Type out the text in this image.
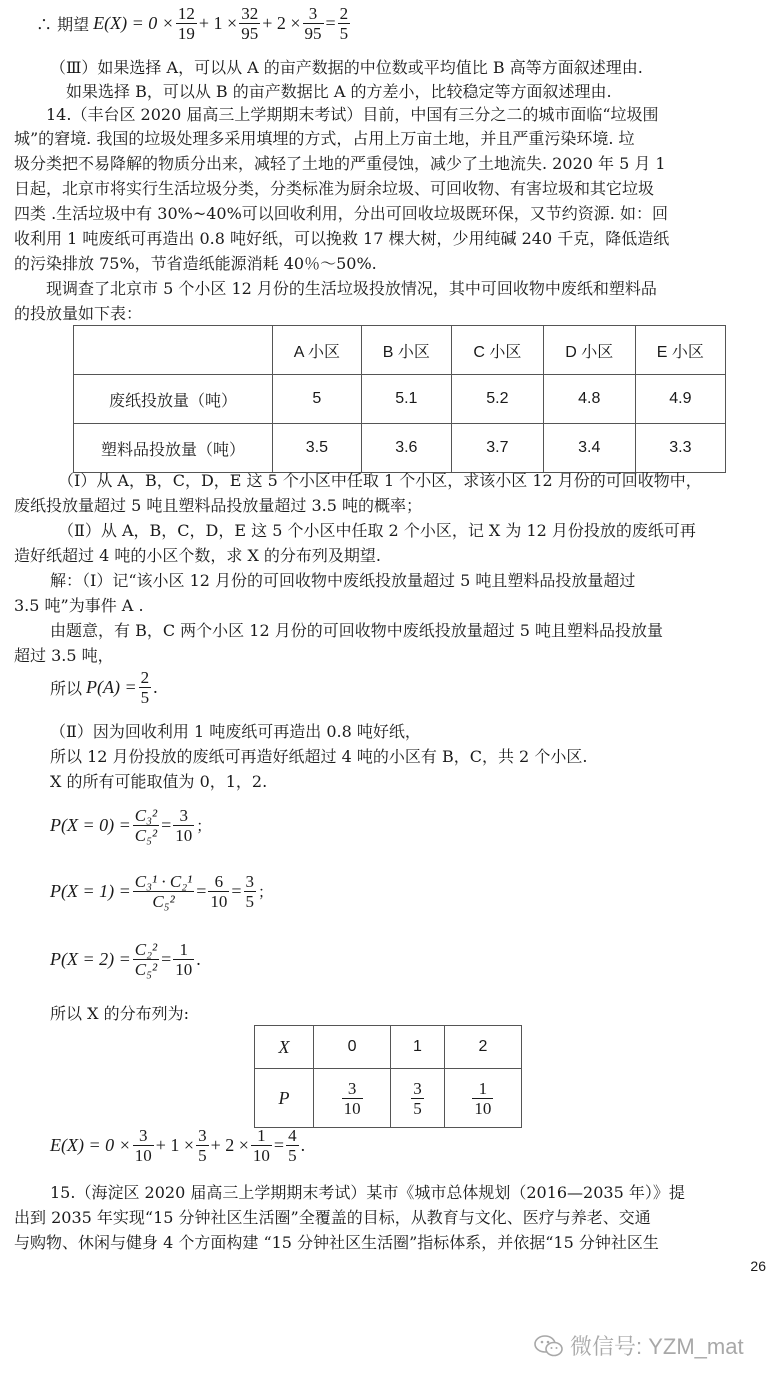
∴ 期望 $E(X) = 0 \times \frac{12}{19} + 1 \times \frac{32}{95} + 2 \times \frac{3}{95} = \frac{2}{5}$
（Ⅲ）如果选择 A，可以从 A 的亩产数据的中位数或平均值比 B 高等方面叙述理由.
如果选择 B，可以从 B 的亩产数据比 A 的方差小，比较稳定等方面叙述理由.
14.（丰台区 2020 届高三上学期期末考试）目前，中国有三分之二的城市面临“垃圾围
城”的窘境. 我国的垃圾处理多采用填埋的方式，占用上万亩土地，并且严重污染环境. 垃
圾分类把不易降解的物质分出来，减轻了土地的严重侵蚀，减少了土地流失. 2020 年 5 月 1
日起，北京市将实行生活垃圾分类，分类标准为厨余垃圾、可回收物、有害垃圾和其它垃圾
四类 .生活垃圾中有 30%~40%可以回收利用，分出可回收垃圾既环保，又节约资源. 如：回
收利用 1 吨废纸可再造出 0.8 吨好纸，可以挽救 17 棵大树，少用纯碱 240 千克，降低造纸
的污染排放 75%，节省造纸能源消耗 40％～50%.
现调查了北京市 5 个小区 12 月份的生活垃圾投放情况，其中可回收物中废纸和塑料品
的投放量如下表：
	A 小区	B 小区	C 小区	D 小区	E 小区
废纸投放量（吨）	5	5.1	5.2	4.8	4.9
塑料品投放量（吨）	3.5	3.6	3.7	3.4	3.3
（Ⅰ）从 A，B，C，D，E 这 5 个小区中任取 1 个小区，求该小区 12 月份的可回收物中，
废纸投放量超过 5 吨且塑料品投放量超过 3.5 吨的概率；
（Ⅱ）从 A，B，C，D，E 这 5 个小区中任取 2 个小区，记 X 为 12 月份投放的废纸可再
造好纸超过 4 吨的小区个数，求 X 的分布列及期望.
解：（Ⅰ）记“该小区 12 月份的可回收物中废纸投放量超过 5 吨且塑料品投放量超过
3.5 吨”为事件 A .
由题意，有 B，C 两个小区 12 月份的可回收物中废纸投放量超过 5 吨且塑料品投放量
超过 3.5 吨，
所以 $P(A) = \frac{2}{5}$ .
（Ⅱ）因为回收利用 1 吨废纸可再造出 0.8 吨好纸，
所以 12 月份投放的废纸可再造好纸超过 4 吨的小区有 B，C，共 2 个小区.
X 的所有可能取值为 0，1，2.
$P(X = 0) = \frac{\text{C₃²}}{\text{C₅²}} = \frac{3}{10}$ ；
$P(X = 1) = \frac{\text{C₃¹ · C₂¹}}{\text{C₅²}} = \frac{6}{10} = \frac{3}{5}$ ；
$P(X = 2) = \frac{\text{C₂²}}{\text{C₅²}} = \frac{1}{10}$ .
所以 X 的分布列为:
X	0	1	2
P	$\frac{3}{10}$	$\frac{3}{5}$	$\frac{1}{10}$
$E(X) = 0 \times \frac{3}{10} + 1 \times \frac{3}{5} + 2 \times \frac{1}{10} = \frac{4}{5}$ .
15.（海淀区 2020 届高三上学期期末考试）某市《城市总体规划（2016—2035 年）》提
出到 2035 年实现“15 分钟社区生活圈”全覆盖的目标，从教育与文化、医疗与养老、交通
与购物、休闲与健身 4 个方面构建 “15 分钟社区生活圈”指标体系，并依据“15 分钟社区生
26
微信号: YZM_mat
